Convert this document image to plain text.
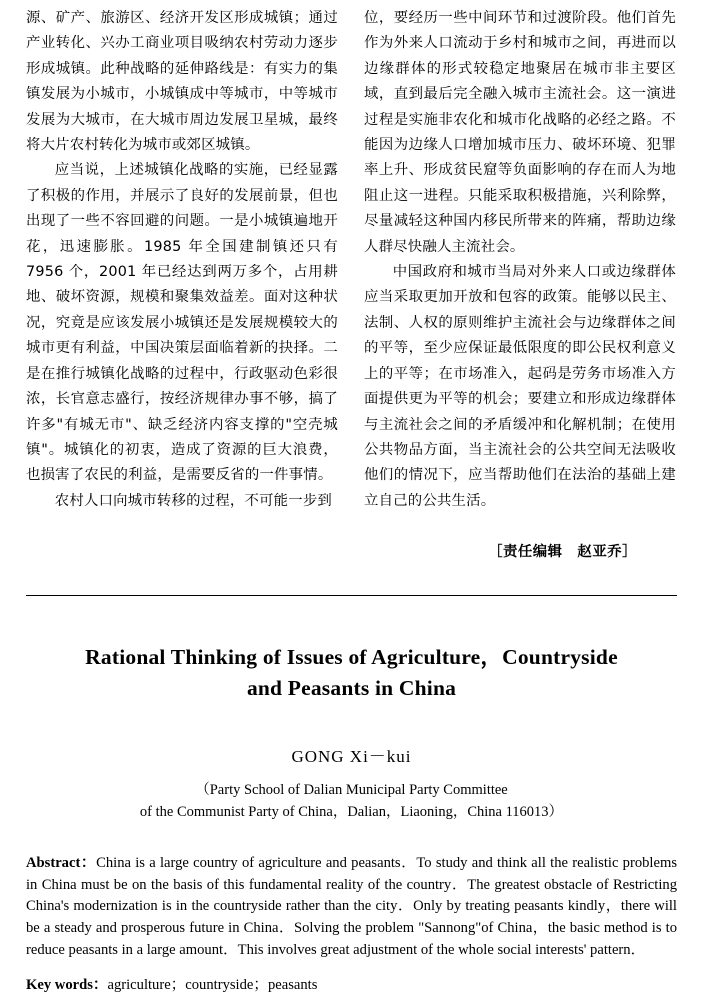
源、矿产、旅游区、经济开发区形成城镇；通过产业转化、兴办工商业项目吸纳农村劳动力逐步形成城镇。此种战略的延伸路线是：有实力的集镇发展为小城市，小城镇成中等城市，中等城市发展为大城市，在大城市周边发展卫星城，最终将大片农村转化为城市或郊区城镇。

应当说，上述城镇化战略的实施，已经显露了积极的作用，并展示了良好的发展前景，但也出现了一些不容回避的问题。一是小城镇遍地开花，迅速膨胀。1985 年全国建制镇还只有 7956 个，2001 年已经达到两万多个，占用耕地、破坏资源，规模和聚集效益差。面对这种状况，究竟是应该发展小城镇还是发展规模较大的城市更有利益，中国决策层面临着新的抉择。二是在推行城镇化战略的过程中，行政驱动色彩很浓，长官意志盛行，按经济规律办事不够，搞了许多"有城无市"、缺乏经济内容支撑的"空壳城镇"。城镇化的初衷，造成了资源的巨大浪费，也损害了农民的利益，是需要反省的一件事情。

农村人口向城市转移的过程，不可能一步到

位，要经历一些中间环节和过渡阶段。他们首先作为外来人口流动于乡村和城市之间，再进而以边缘群体的形式较稳定地聚居在城市非主要区域，直到最后完全融入城市主流社会。这一演进过程是实施非农化和城市化战略的必经之路。不能因为边缘人口增加城市压力、破坏环境、犯罪率上升、形成贫民窟等负面影响的存在而人为地阻止这一进程。只能采取积极措施，兴利除弊，尽量减轻这种国内移民所带来的阵痛，帮助边缘人群尽快融人主流社会。

中国政府和城市当局对外来人口或边缘群体应当采取更加开放和包容的政策。能够以民主、法制、人权的原则维护主流社会与边缘群体之间的平等，至少应保证最低限度的即公民权利意义上的平等；在市场准入，起码是劳务市场准入方面提供更为平等的机会；要建立和形成边缘群体与主流社会之间的矛盾缓冲和化解机制；在使用公共物品方面，当主流社会的公共空间无法吸收他们的情况下，应当帮助他们在法治的基础上建立自己的公共生活。

［责任编辑　赵亚乔］
Rational Thinking of Issues of Agriculture，Countryside
and Peasants in China
GONG Xi－kui
（Party School of Dalian Municipal Party Committee
of the Communist Party of China，Dalian，Liaoning，China 116013）
Abstract：China is a large country of agriculture and peasants．To study and think all the realistic problems in China must be on the basis of this fundamental reality of the country．The greatest obstacle of Restricting China's modernization is in the countryside rather than the city．Only by treating peasants kindly，there will be a steady and prosperous future in China．Solving the problem "Sannong"of China，the basic method is to reduce peasants in a large amount．This involves great adjustment of the whole social interests' pattern．
Key words：agriculture；countryside；peasants
